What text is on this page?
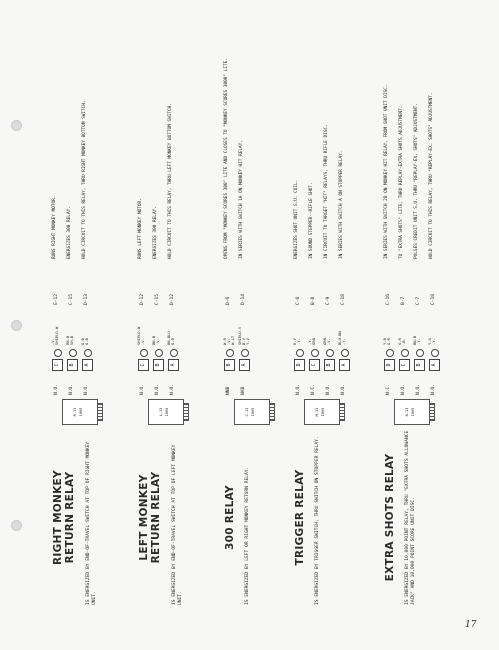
RIGHT MONKEY RETURN RELAY IS ENERGIZED BY END-OF-TRAVEL SWITCH AT TOP OF RIGHT MONKEY UNIT.
R-13 1860
N.O.
C
-V- SHIELD-W
E-12
N.O.
B
RN-B SH-B
C-15
N.O.
A
G-B G-B
D-13
RUNS RIGHT MONKEY MOTOR. ENERGIZES 300 RELAY. HOLD CIRCUIT TO THIS RELAY, THRU RIGHT MONKEY BOTTOM SWITCH.
LEFT MONKEY RETURN RELAY IS ENERGIZED BY END-OF-TRAVEL SWITCH AT TOP OF LEFT MONKEY UNIT.
L-13 1860
N.O.
C
SHIELD-W -V-
D-12
N.O.
B
BN-B -V-
C-15
N.O.
A
BN-BLU G-B
D-12
RUNS LEFT MONKEY MOTOR. ENERGIZES 300 RELAY. HOLD CIRCUIT TO THIS RELAY, THRU LEFT MONKEY BOTTOM SWITCH.
300 RELAY IS ENERGIZED BY LEFT OR RIGHT MONKEY RETURN RELAY.
C-13 1860
NNB
B
W-R -V- W-LT
D-6
NAB
A
SHIELD-V B-V Y-V
D-14
OPENS FROM "MONKEY SCORES 300" LITE AND CLOSES TO "MONKEY SCORES 3000" LITE. IN SERIES WITH SWITCH 1A ON MONKEY HIT RELAY.
TRIGGER RELAY IS ENERGIZED BY TRIGGER SWITCH, THRU SWITCH ON STOPPER RELAY.
M-13 1860
N.O.
D
R-Y -Y-
C-6
N.C.
C
-Y- GRN
B-8
N.O.
B
GRN- -V-
C-9
N.O.
A
BLU-BN -Y-
C-18
ENERGIZES SHOT UNIT S.U. COIL. IN SOUND STEPPER--RIFLE SHOT. IN CIRCUIT TO TARGET "HIT" RELAYS, THRU RIFLE DISC. IN SERIES WITH SWITCH A ON STOPPER RELAY.
EXTRA SHOTS RELAY IS ENERGIZED BY 10,000 POINT RELAY, THRU "EXTRA SHOTS ALLOWANCE JACK" AND 10,000 POINT SCORE UNIT DISC.
N-13 1860
N.C.
D
Y-B G-R
C-16
N.O.
C
G-R -B-
B-7
N.O.
B
BN-B -Y-
C-7
N.O.
A
Y-G -Y-
C-18
IN SERIES WITH SWITCH 2B ON MONKEY HIT RELAY, FROM SHOT UNIT DISC. TO "EXTRA SHOTS" LITE, THRU REPLAY-EXTRA SHOTS ADJUSTMENT. PULSES CREDIT UNIT S.U. THRU "REPLAY-EX. SHOTS" ADJUSTMENT. HOLD CIRCUIT TO THIS RELAY, THRU "REPLAY-EX. SHOTS" ADJUSTMENT.
17
